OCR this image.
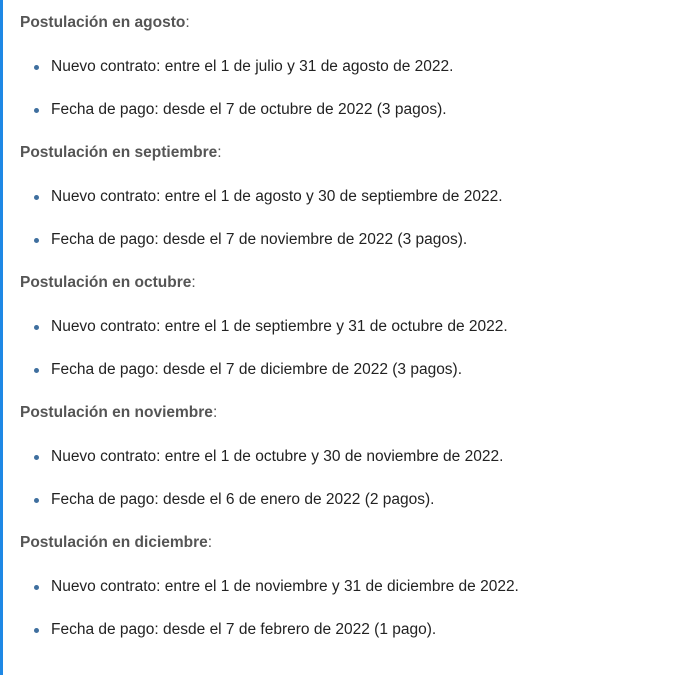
Postulación en agosto:

Nuevo contrato: entre el 1 de julio y 31 de agosto de 2022.
Fecha de pago: desde el 7 de octubre de 2022 (3 pagos).

Postulación en septiembre:

Nuevo contrato: entre el 1 de agosto y 30 de septiembre de 2022.
Fecha de pago: desde el 7 de noviembre de 2022 (3 pagos).

Postulación en octubre:

Nuevo contrato: entre el 1 de septiembre y 31 de octubre de 2022.
Fecha de pago: desde el 7 de diciembre de 2022 (3 pagos).

Postulación en noviembre:

Nuevo contrato: entre el 1 de octubre y 30 de noviembre de 2022.
Fecha de pago: desde el 6 de enero de 2022 (2 pagos).

Postulación en diciembre:

Nuevo contrato: entre el 1 de noviembre y 31 de diciembre de 2022.
Fecha de pago: desde el 7 de febrero de 2022 (1 pago).
